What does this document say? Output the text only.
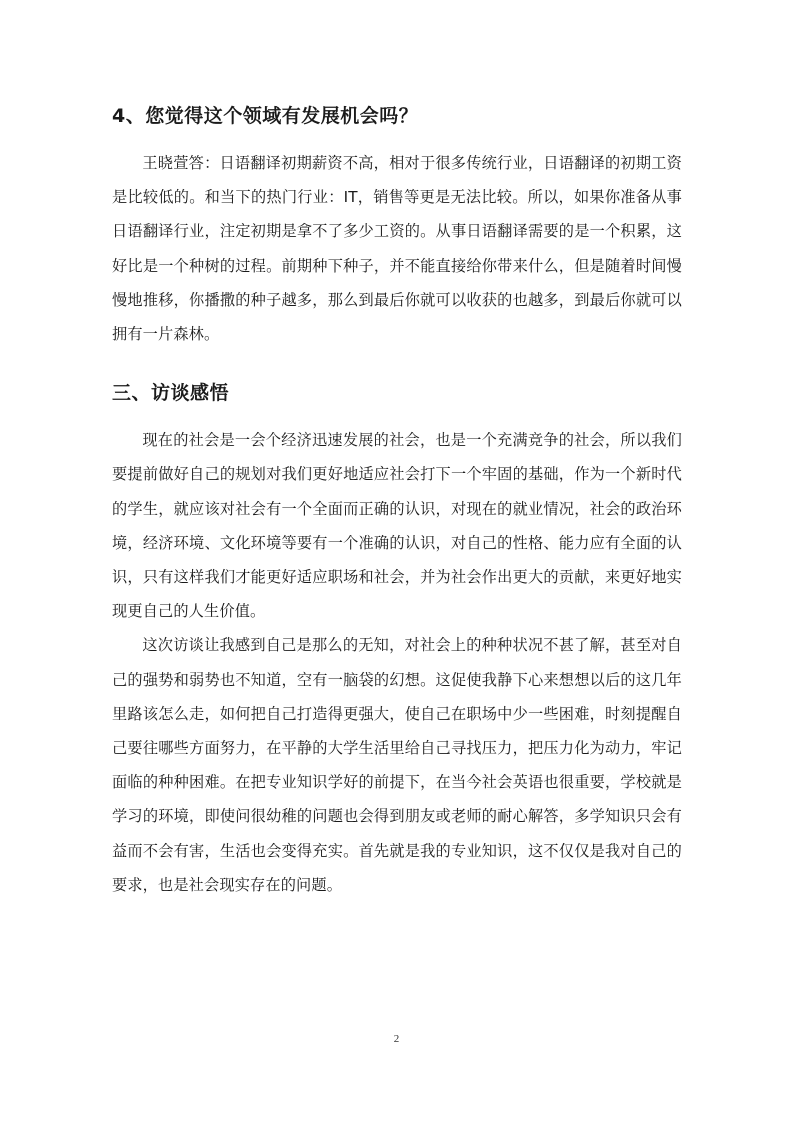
4、您觉得这个领域有发展机会吗？

王晓萱答：日语翻译初期薪资不高，相对于很多传统行业，日语翻译的初期工资是比较低的。和当下的热门行业：IT，销售等更是无法比较。所以，如果你准备从事日语翻译行业，注定初期是拿不了多少工资的。从事日语翻译需要的是一个积累，这好比是一个种树的过程。前期种下种子，并不能直接给你带来什么，但是随着时间慢慢地推移，你播撒的种子越多，那么到最后你就可以收获的也越多，到最后你就可以拥有一片森林。

三、访谈感悟

现在的社会是一会个经济迅速发展的社会，也是一个充满竞争的社会，所以我们要提前做好自己的规划对我们更好地适应社会打下一个牢固的基础，作为一个新时代的学生，就应该对社会有一个全面而正确的认识，对现在的就业情况，社会的政治环境，经济环境、文化环境等要有一个准确的认识，对自己的性格、能力应有全面的认识，只有这样我们才能更好适应职场和社会，并为社会作出更大的贡献，来更好地实现更自己的人生价值。

这次访谈让我感到自己是那么的无知，对社会上的种种状况不甚了解，甚至对自己的强势和弱势也不知道，空有一脑袋的幻想。这促使我静下心来想想以后的这几年里路该怎么走，如何把自己打造得更强大，使自己在职场中少一些困难，时刻提醒自己要往哪些方面努力，在平静的大学生活里给自己寻找压力，把压力化为动力，牢记面临的种种困难。在把专业知识学好的前提下，在当今社会英语也很重要，学校就是学习的环境，即使问很幼稚的问题也会得到朋友或老师的耐心解答，多学知识只会有益而不会有害，生活也会变得充实。首先就是我的专业知识，这不仅仅是我对自己的要求，也是社会现实存在的问题。

2
